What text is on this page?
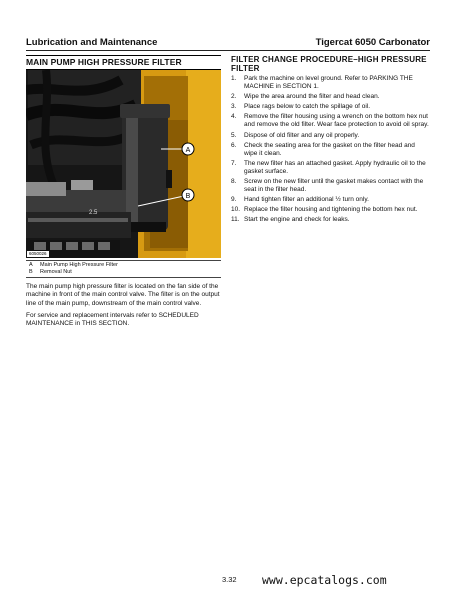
Lubrication and Maintenance	Tigercat 6050 Carbonator
MAIN PUMP HIGH PRESSURE FILTER
A
B
2.5
6050026
A	Main Pump High Pressure Filter
B	Removal Nut

The main pump high pressure filter is located on the fan side of the machine in front of the main control valve. The filter is on the output line of the main pump, downstream of the main control valve.

For service and replacement intervals refer to SCHEDULED MAINTENANCE in THIS SECTION.

FILTER CHANGE PROCEDURE–HIGH PRESSURE FILTER
1.	Park the machine on level ground. Refer to PARKING THE MACHINE in SECTION 1.
2.	Wipe the area around the filter and head clean.
3.	Place rags below to catch the spillage of oil.
4.	Remove the filter housing using a wrench on the bottom hex nut and remove the old filter. Wear face protection to avoid oil spray.
5.	Dispose of old filter and any oil properly.
6.	Check the seating area for the gasket on the filter head and wipe it clean.
7.	The new filter has an attached gasket. Apply hydraulic oil to the gasket surface.
8.	Screw on the new filter until the gasket makes contact with the seat in the filter head.
9.	Hand tighten filter an additional ½ turn only.
10. Replace the filter housing and tightening the bottom hex nut.
11. Start the engine and check for leaks.
3.32 www.epcatalogs.com
